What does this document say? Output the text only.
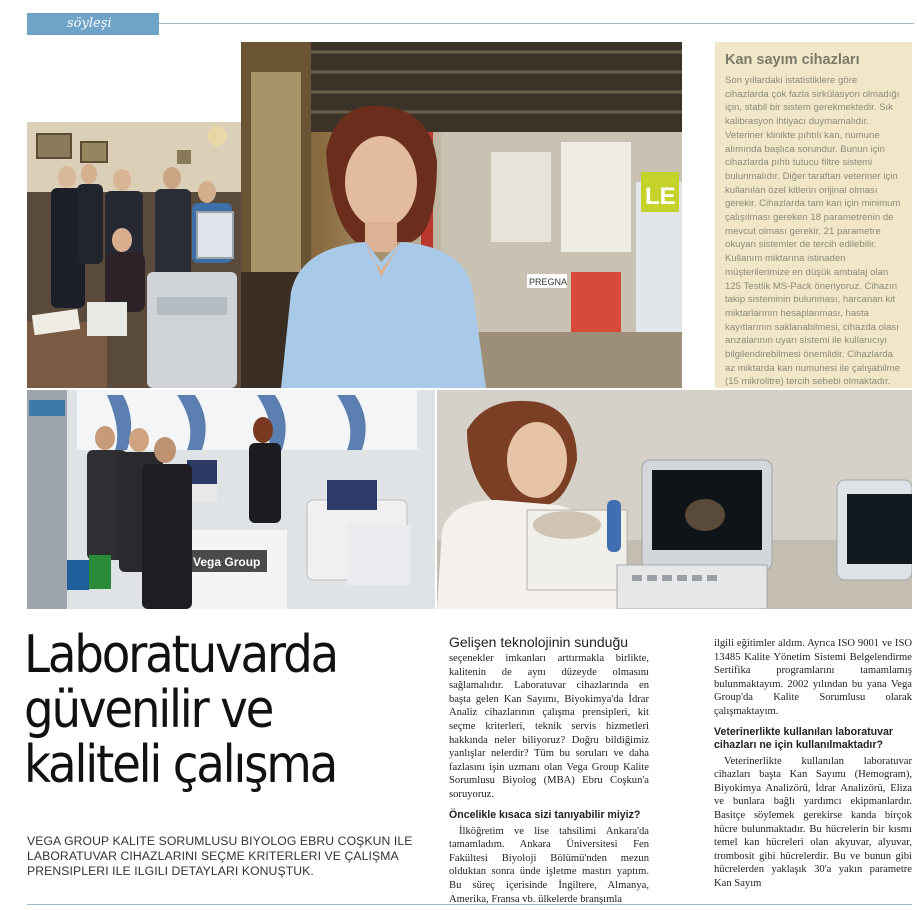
söyleşi
LE
PREGNA
Kan sayım cihazları
Son yıllardaki istatistiklere göre cihazlarda çok fazla sirkülasyon olmadığı için, stabil bir sistem gerekmektedir. Sık kalibrasyon ihtiyacı duymamalıdır. Veteriner klinikte pıhtılı kan, numune alımında başlıca sorundur. Bunun için cihazlarda pıhtı tutucu filtre sistemi bulunmalıdır. Diğer taraftan veteriner için kullanılan özel kitlerin orijinal olması gerekir. Cihazlarda tam kan için minimum çalışılması gereken 18 parametrenin de mevcut olması gerekir. 21 parametre okuyan sistemler de tercih edilebilir. Kullanım miktarına istinaden müşterilerimize en düşük ambalaj olan 125 Testlik MS-Pack öneriyoruz. Cihazın takip sisteminin bulunması, harcanan kit miktarlarının hesaplanması, hasta kayıtlarının saklanabilmesi, cihazda olası arızalarının uyarı sistemi ile kullanıcıyı bilgilendirebilmesi önemlidir. Cihazlarda az miktarda kan numunesi ile çalışabilme (15 mikrolitre) tercih sebebi olmaktadır.
Vega Group
Laboratuvarda
güvenilir ve
kaliteli çalışma
VEGA GROUP KALITE SORUMLUSU BIYOLOG EBRU COŞKUN ILE LABORATUVAR CIHAZLARINI SEÇME KRITERLERI VE ÇALIŞMA PRENSIPLERI ILE ILGILI DETAYLARI KONUŞTUK.
Gelişen teknolojinin sunduğu

seçenekler imkanları arttırmakla birlikte, kalitenin de aynı düzeyde olmasını sağlamalıdır. Laboratuvar cihazlarında en başta gelen Kan Sayımı, Biyokimya'da İdrar Analiz cihazlarının çalışma prensipleri, kit seçme kriterleri, teknik servis hizmetleri hakkında neler biliyoruz? Doğru bildiğimiz yanlışlar nelerdir? Tüm bu soruları ve daha fazlasını işin uzmanı olan Vega Group Kalite Sorumlusu Biyolog (MBA) Ebru Coşkun'a soruyoruz.

Öncelikle kısaca sizi tanıyabilir miyiz?

İlköğretim ve lise tahsilimi Ankara'da tamamladım. Ankara Üniversitesi Fen Fakültesi Biyoloji Bölümü'nden mezun olduktan sonra ünde işletme mastırı yaptım. Bu süreç içerisinde İngiltere, Almanya, Amerika, Fransa vb. ülkelerde branşımla

ilgili eğitimler aldım. Ayrıca ISO 9001 ve ISO 13485 Kalite Yönetim Sistemi Belgelendirme Sertifika programlarını tamamlamış bulunmaktayım. 2002 yılından bu yana Vega Group'da Kalite Sorumlusu olarak çalışmaktayım.

Veterinerlikte kullanılan laboratuvar cihazları ne için kullanılmaktadır?

Veterinerlikte kullanılan laboratuvar cihazları başta Kan Sayımı (Hemogram), Biyokimya Analizörü, İdrar Analizörü, Eliza ve bunlara bağlı yardımcı ekipmanlardır. Basitçe söylemek gerekirse kanda birçok hücre bulunmaktadır. Bu hücrelerin bir kısmı temel kan hücreleri olan akyuvar, alyuvar, trombosit gibi hücrelerdir. Bu ve bunun gibi hücrelerden yaklaşık 30'a yakın parametre Kan Sayım
